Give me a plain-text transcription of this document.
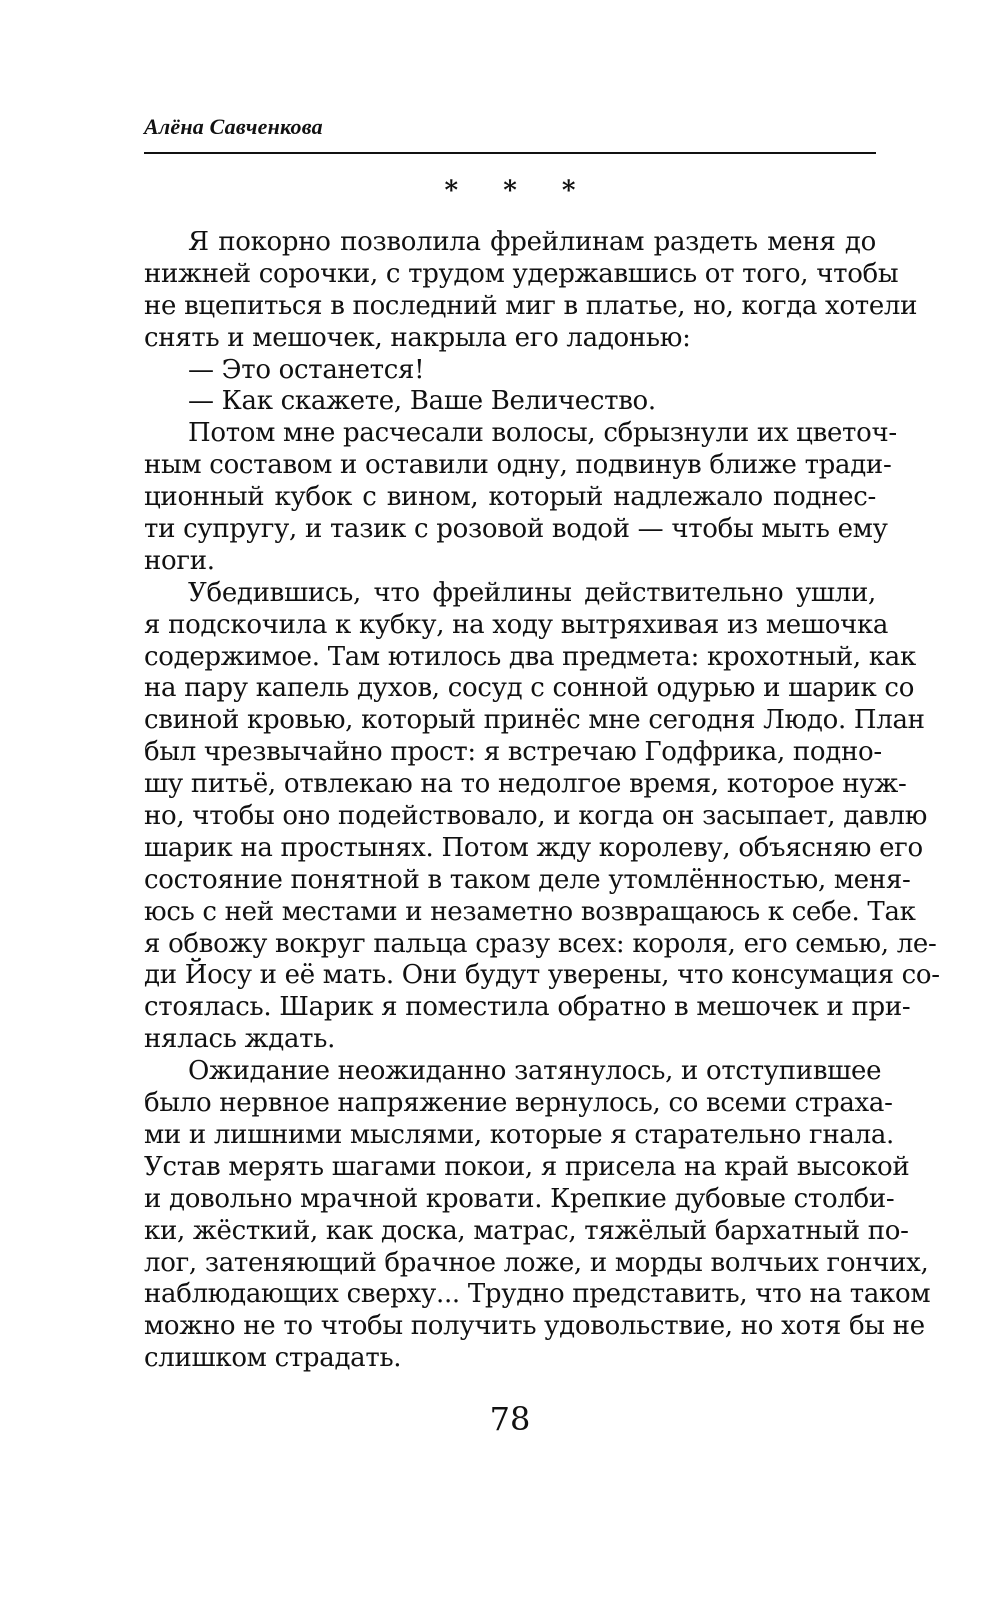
Алёна Савченкова
* * *
Я покорно позволила фрейлинам раздеть меня до
нижней сорочки, с трудом удержавшись от того, чтобы
не вцепиться в последний миг в платье, но, когда хотели
снять и мешочек, накрыла его ладонью:
— Это останется!
— Как скажете, Ваше Величество.
Потом мне расчесали волосы, сбрызнули их цветоч-
ным составом и оставили одну, подвинув ближе тради-
ционный кубок с вином, который надлежало поднес-
ти супругу, и тазик с розовой водой — чтобы мыть ему
ноги.
Убедившись, что фрейлины действительно ушли,
я подскочила к кубку, на ходу вытряхивая из мешочка
содержимое. Там ютилось два предмета: крохотный, как
на пару капель духов, сосуд с сонной одурью и шарик со
свиной кровью, который принёс мне сегодня Людо. План
был чрезвычайно прост: я встречаю Годфрика, подно-
шу питьё, отвлекаю на то недолгое время, которое нуж-
но, чтобы оно подействовало, и когда он засыпает, давлю
шарик на простынях. Потом жду королеву, объясняю его
состояние понятной в таком деле утомлённостью, меня-
юсь с ней местами и незаметно возвращаюсь к себе. Так
я обвожу вокруг пальца сразу всех: короля, его семью, ле-
ди Йосу и её мать. Они будут уверены, что консумация со-
стоялась. Шарик я поместила обратно в мешочек и при-
нялась ждать.
Ожидание неожиданно затянулось, и отступившее
было нервное напряжение вернулось, со всеми страха-
ми и лишними мыслями, которые я старательно гнала.
Устав мерять шагами покои, я присела на край высокой
и довольно мрачной кровати. Крепкие дубовые столби-
ки, жёсткий, как доска, матрас, тяжёлый бархатный по-
лог, затеняющий брачное ложе, и морды волчьих гончих,
наблюдающих сверху... Трудно представить, что на таком
можно не то чтобы получить удовольствие, но хотя бы не
слишком страдать.
78
